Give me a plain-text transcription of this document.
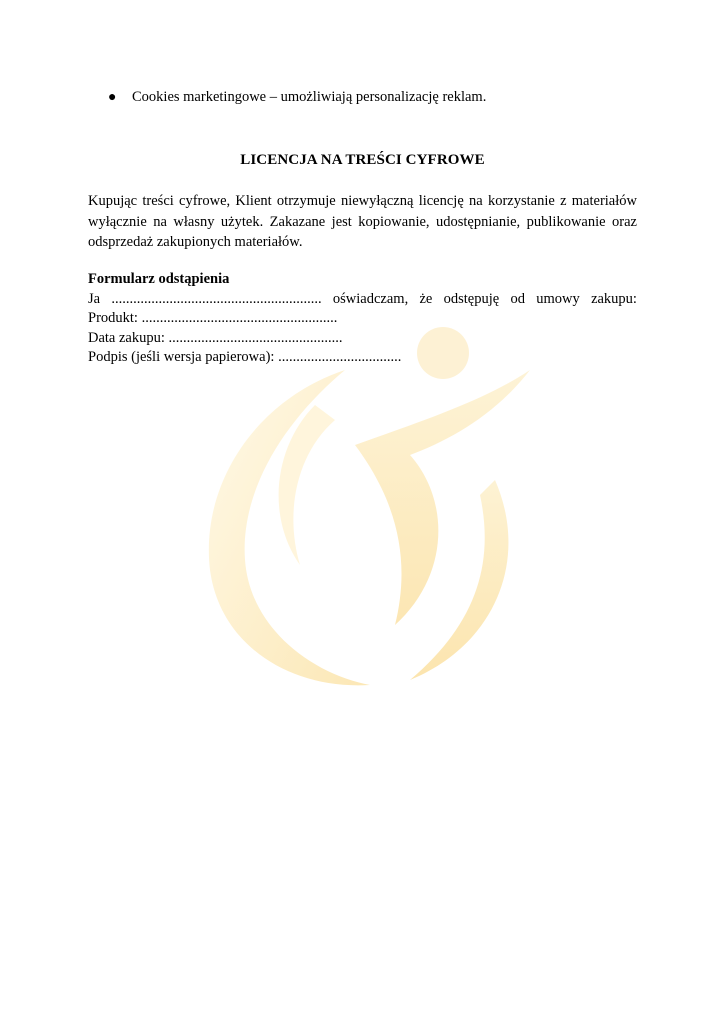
● Cookies marketingowe – umożliwiają personalizację reklam.
LICENCJA NA TREŚCI CYFROWE
Kupując treści cyfrowe, Klient otrzymuje niewyłączną licencję na korzystanie z materiałów wyłącznie na własny użytek. Zakazane jest kopiowanie, udostępnianie, publikowanie oraz odsprzedaż zakupionych materiałów.
Formularz odstąpienia
Ja .......................................................... oświadczam, że odstępuję od umowy zakupu:
Produkt: ......................................................
Data zakupu: ................................................
Podpis (jeśli wersja papierowa): ..................................
